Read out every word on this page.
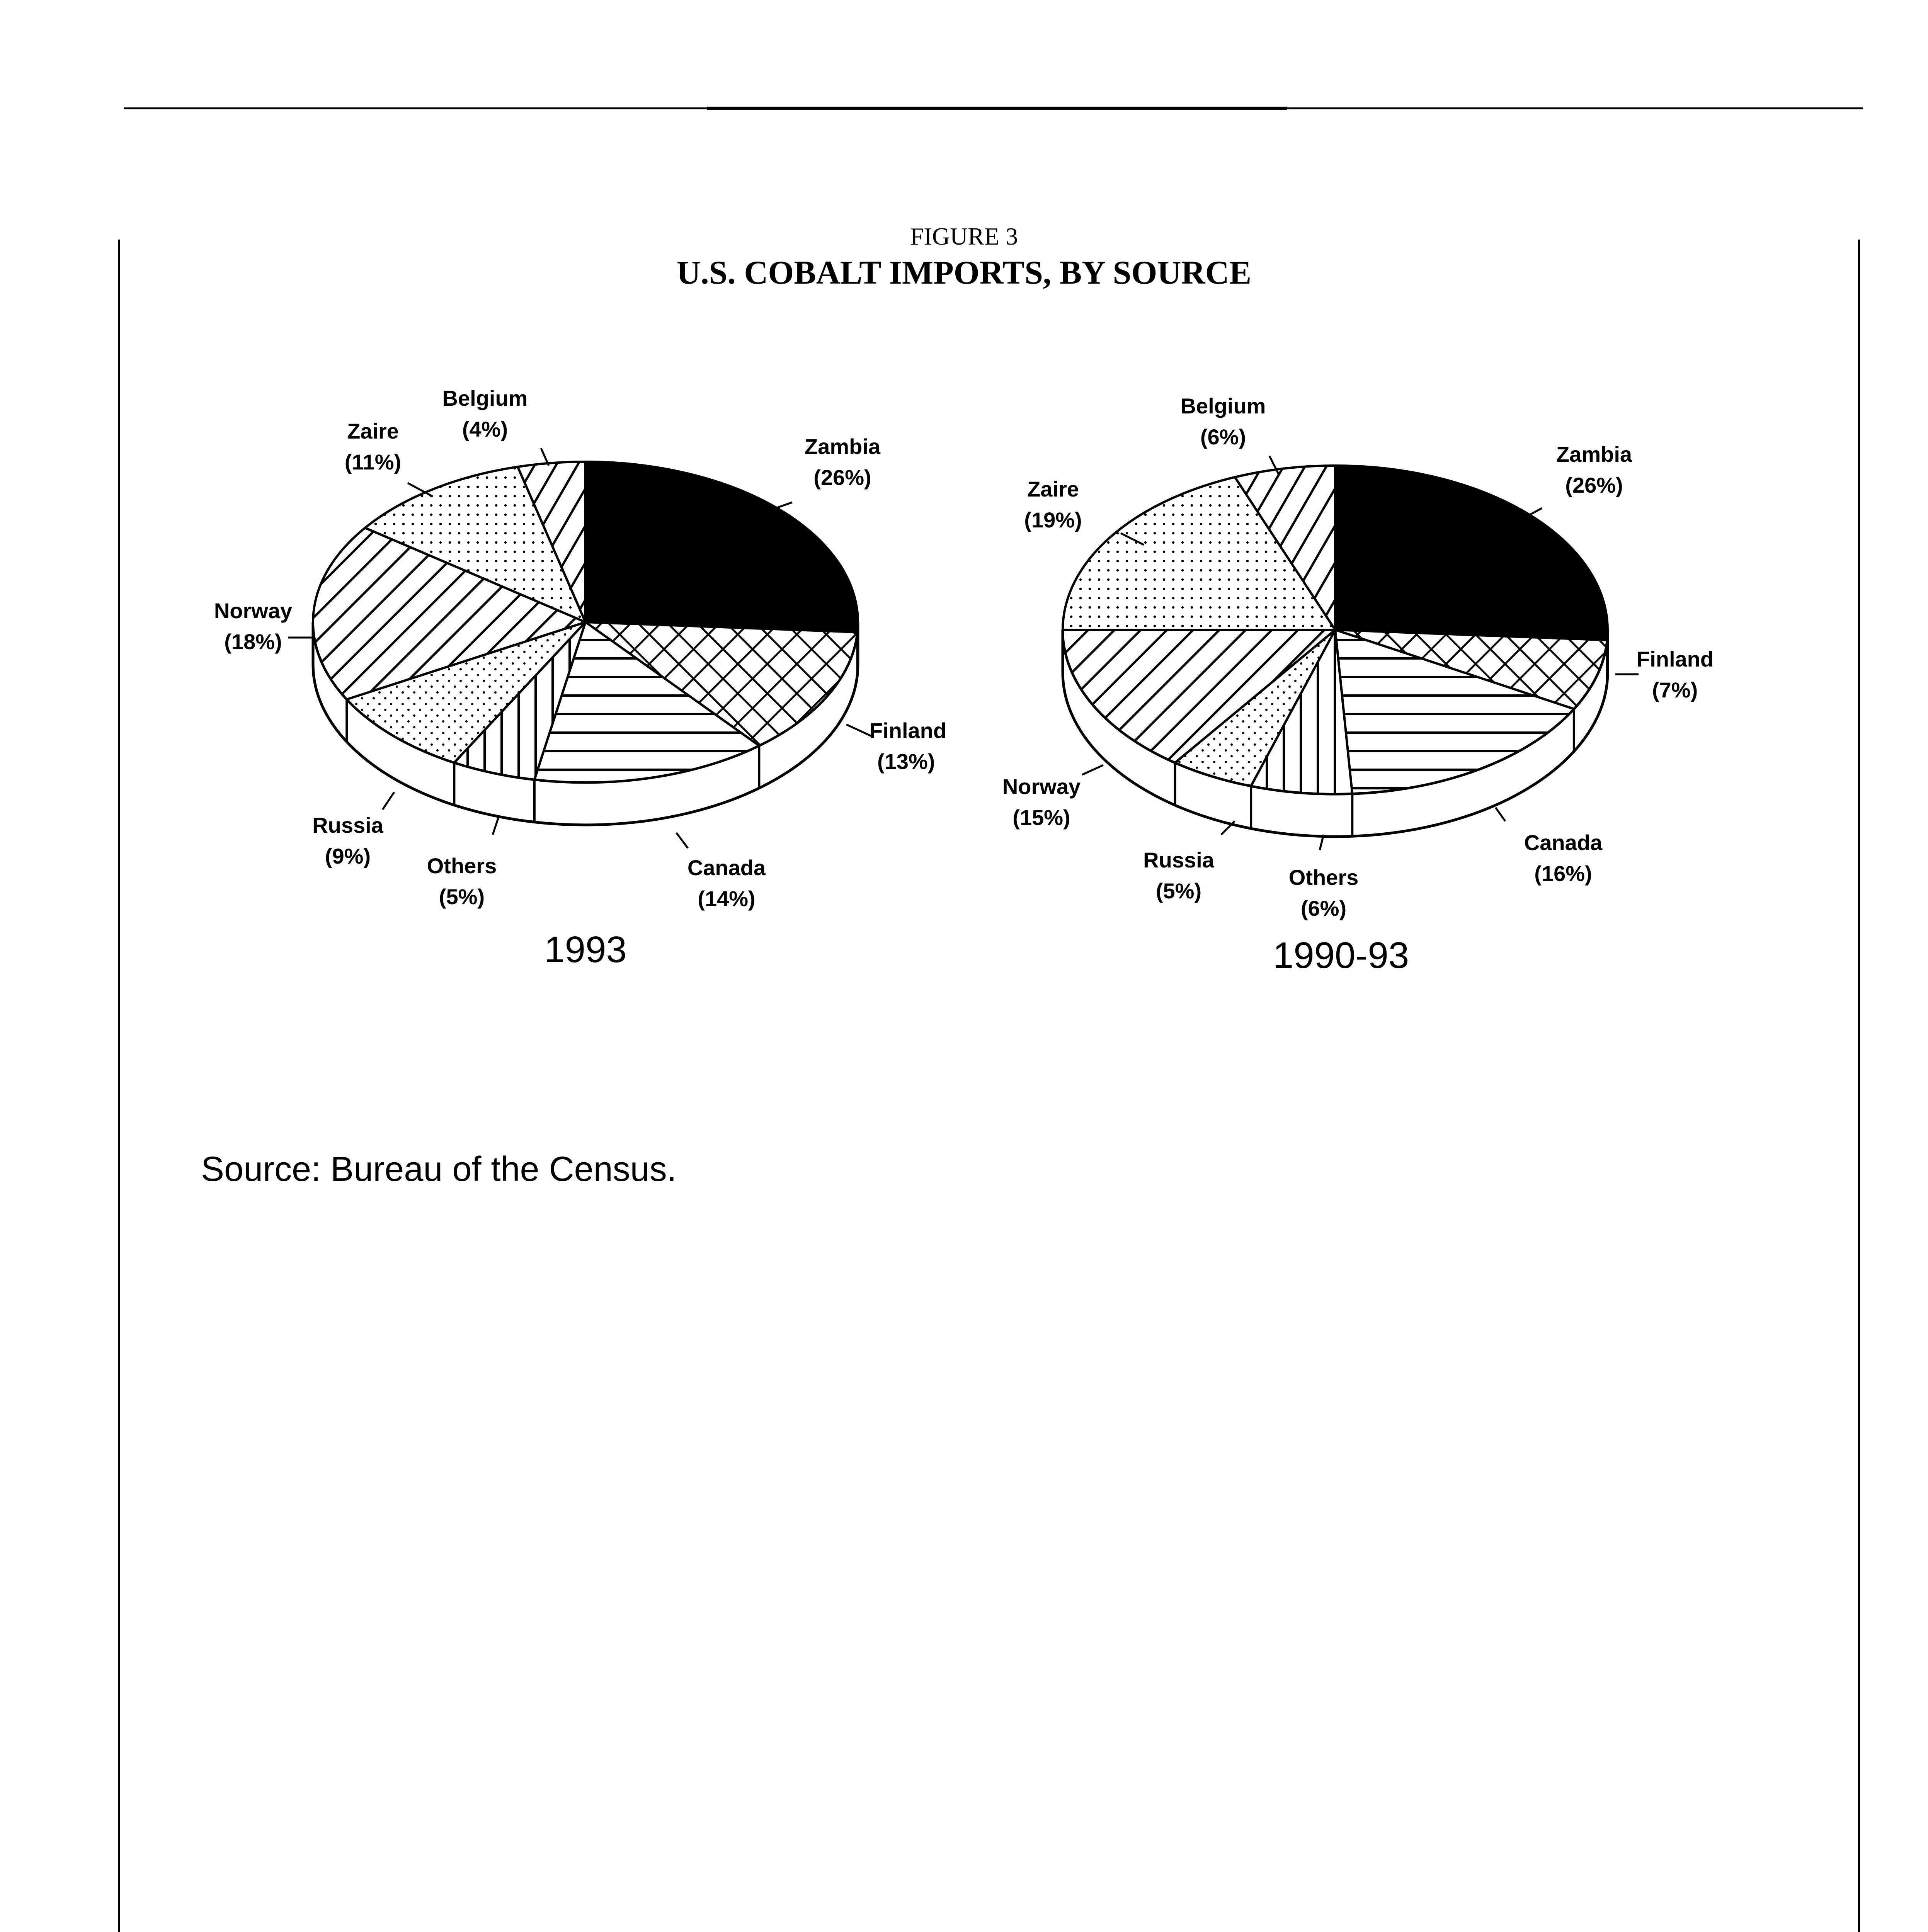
FIGURE 3
U.S. COBALT IMPORTS, BY SOURCE
Zambia
(26%)
Finland
(13%)
Canada
(14%)
Others
(5%)
Russia
(9%)
Norway
(18%)
Zaire
(11%)
Belgium
(4%)
1993
Zambia
(26%)
Finland
(7%)
Canada
(16%)
Others
(6%)
Russia
(5%)
Norway
(15%)
Zaire
(19%)
Belgium
(6%)
1990-93
Source: Bureau of the Census.
